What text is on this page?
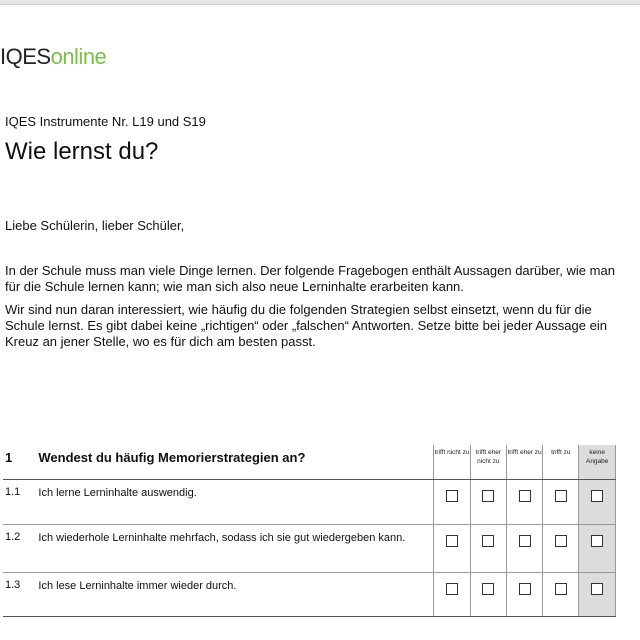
IQESonline
IQES Instrumente Nr. L19 und S19
Wie lernst du?
Liebe Schülerin, lieber Schüler,
In der Schule muss man viele Dinge lernen. Der folgende Fragebogen enthält Aussagen darüber, wie man für die Schule lernen kann; wie man sich also neue Lerninhalte erarbeiten kann.
Wir sind nun daran interessiert, wie häufig du die folgenden Strategien selbst einsetzt, wenn du für die Schule lernst. Es gibt dabei keine „richtigen“ oder „falschen“ Antworten. Setze bitte bei jeder Aussage ein Kreuz an jener Stelle, wo es für dich am besten passt.
1	Wendest du häufig Memorierstrategien an?	trifft nicht zu	trifft eher nicht zu	trifft eher zu	trifft zu	keine Angabe

1.1	Ich lerne Lerninhalte auswendig.					
1.2	Ich wiederhole Lerninhalte mehrfach, sodass ich sie gut wiedergeben kann.					
1.3	Ich lese Lerninhalte immer wieder durch.					
